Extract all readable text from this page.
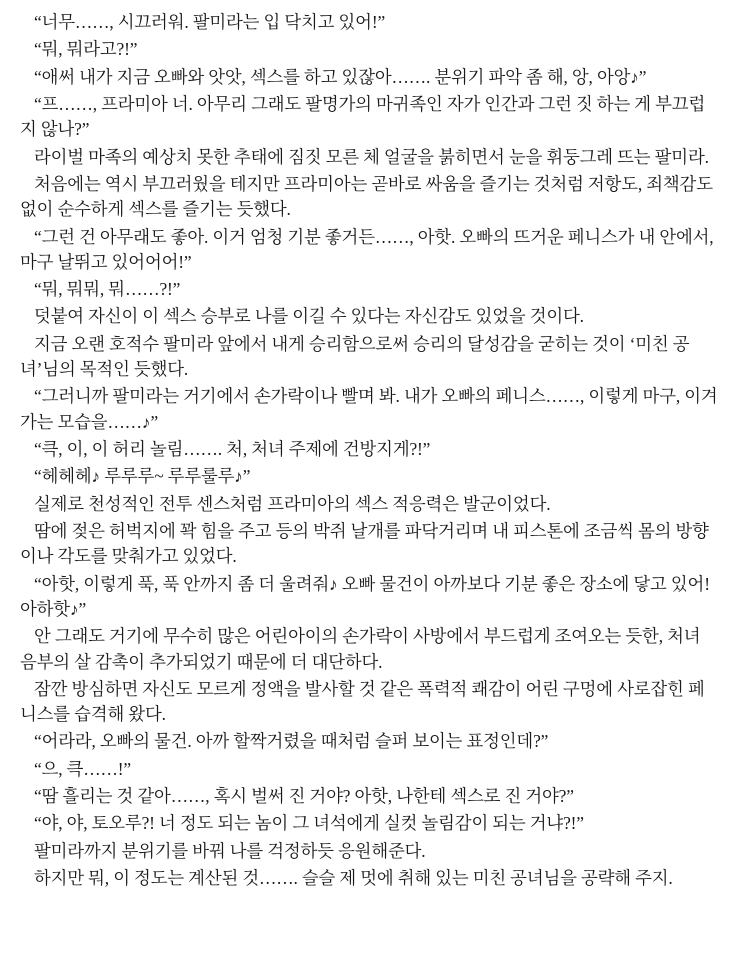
“너무……, 시끄러워. 팔미라는 입 닥치고 있어!”

“뭐, 뭐라고?!”

“애써 내가 지금 오빠와 앗앗, 섹스를 하고 있잖아……. 분위기 파악 좀 해, 앙, 아앙♪”

“프……, 프라미아 너. 아무리 그래도 팔명가의 마귀족인 자가 인간과 그런 짓 하는 게 부끄럽지 않나?”

라이벌 마족의 예상치 못한 추태에 짐짓 모른 체 얼굴을 붉히면서 눈을 휘둥그레 뜨는 팔미라.

처음에는 역시 부끄러웠을 테지만 프라미아는 곧바로 싸움을 즐기는 것처럼 저항도, 죄책감도 없이 순수하게 섹스를 즐기는 듯했다.

“그런 건 아무래도 좋아. 이거 엄청 기분 좋거든……, 아핫. 오빠의 뜨거운 페니스가 내 안에서, 마구 날뛰고 있어어어!”

“뭐, 뭐뭐, 뭐……?!”

덧붙여 자신이 이 섹스 승부로 나를 이길 수 있다는 자신감도 있었을 것이다.

지금 오랜 호적수 팔미라 앞에서 내게 승리함으로써 승리의 달성감을 굳히는 것이 ‘미친 공녀’님의 목적인 듯했다.

“그러니까 팔미라는 거기에서 손가락이나 빨며 봐. 내가 오빠의 페니스……, 이렇게 마구, 이겨가는 모습을……♪”

“큭, 이, 이 허리 놀림……. 처, 처녀 주제에 건방지게?!”

“헤헤헤♪ 루루루~ 루루룰루♪”

실제로 천성적인 전투 센스처럼 프라미아의 섹스 적응력은 발군이었다.

땀에 젖은 허벅지에 꽉 힘을 주고 등의 박쥐 날개를 파닥거리며 내 피스톤에 조금씩 몸의 방향이나 각도를 맞춰가고 있었다.

“아핫, 이렇게 푹, 푹 안까지 좀 더 울려줘♪ 오빠 물건이 아까보다 기분 좋은 장소에 닿고 있어! 아하핫♪”

안 그래도 거기에 무수히 많은 어린아이의 손가락이 사방에서 부드럽게 조여오는 듯한, 처녀 음부의 살 감촉이 추가되었기 때문에 더 대단하다.

잠깐 방심하면 자신도 모르게 정액을 발사할 것 같은 폭력적 쾌감이 어린 구멍에 사로잡힌 페니스를 습격해 왔다.

“어라라, 오빠의 물건. 아까 할짝거렸을 때처럼 슬퍼 보이는 표정인데?”

“으, 큭……!”

“땀 흘리는 것 같아……, 혹시 벌써 진 거야? 아핫, 나한테 섹스로 진 거야?”

“야, 야, 토오루?! 너 정도 되는 놈이 그 녀석에게 실컷 놀림감이 되는 거냐?!”

팔미라까지 분위기를 바꿔 나를 걱정하듯 응원해준다.

하지만 뭐, 이 정도는 계산된 것……. 슬슬 제 멋에 취해 있는 미친 공녀님을 공략해 주지.
